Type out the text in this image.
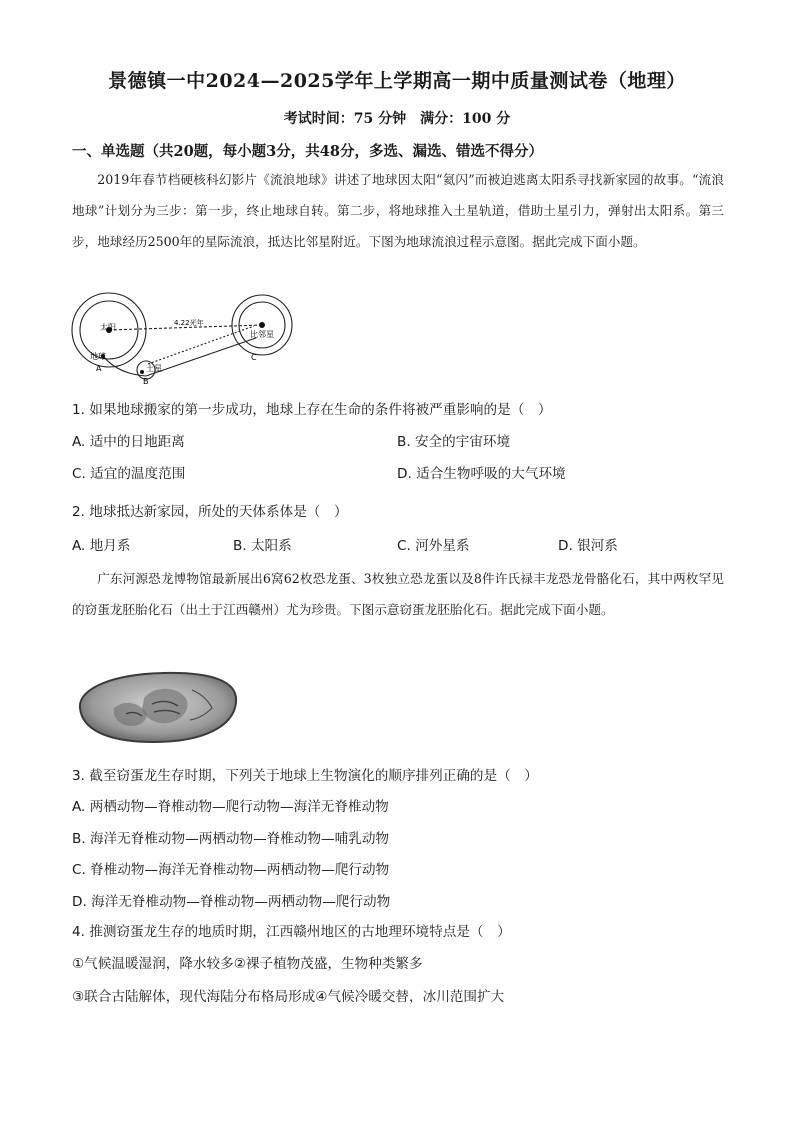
景德镇一中2024—2025学年上学期高一期中质量测试卷（地理）
考试时间：75 分钟　满分：100 分
一、单选题（共20题，每小题3分，共48分，多选、漏选、错选不得分）
2019年春节档硬核科幻影片《流浪地球》讲述了地球因太阳“氦闪”而被迫逃离太阳系寻找新家园的故事。“流浪地球”计划分为三步：第一步，终止地球自转。第二步，将地球推入土星轨道，借助土星引力，弹射出太阳系。第三步，地球经历2500年的星际流浪，抵达比邻星附近。下图为地球流浪过程示意图。据此完成下面小题。
太阳
地球
土星
比邻星
4.22光年
A
B
C
1. 如果地球搬家的第一步成功，地球上存在生命的条件将被严重影响的是（　）
A. 适中的日地距离	B. 安全的宇宙环境
C. 适宜的温度范围	D. 适合生物呼吸的大气环境
2. 地球抵达新家园，所处的天体系体是（　）
A. 地月系	B. 太阳系	C. 河外星系	D. 银河系
广东河源恐龙博物馆最新展出6窝62枚恐龙蛋、3枚独立恐龙蛋以及8件许氏禄丰龙恐龙骨骼化石，其中两枚罕见的窃蛋龙胚胎化石（出土于江西赣州）尤为珍贵。下图示意窃蛋龙胚胎化石。据此完成下面小题。
3. 截至窃蛋龙生存时期，下列关于地球上生物演化的顺序排列正确的是（　）
A. 两栖动物—脊椎动物—爬行动物—海洋无脊椎动物
B. 海洋无脊椎动物—两栖动物—脊椎动物—哺乳动物
C. 脊椎动物—海洋无脊椎动物—两栖动物—爬行动物
D. 海洋无脊椎动物—脊椎动物—两栖动物—爬行动物
4. 推测窃蛋龙生存的地质时期，江西赣州地区的古地理环境特点是（　）
①气候温暖湿润，降水较多②裸子植物茂盛，生物种类繁多
③联合古陆解体，现代海陆分布格局形成④气候冷暖交替，冰川范围扩大
